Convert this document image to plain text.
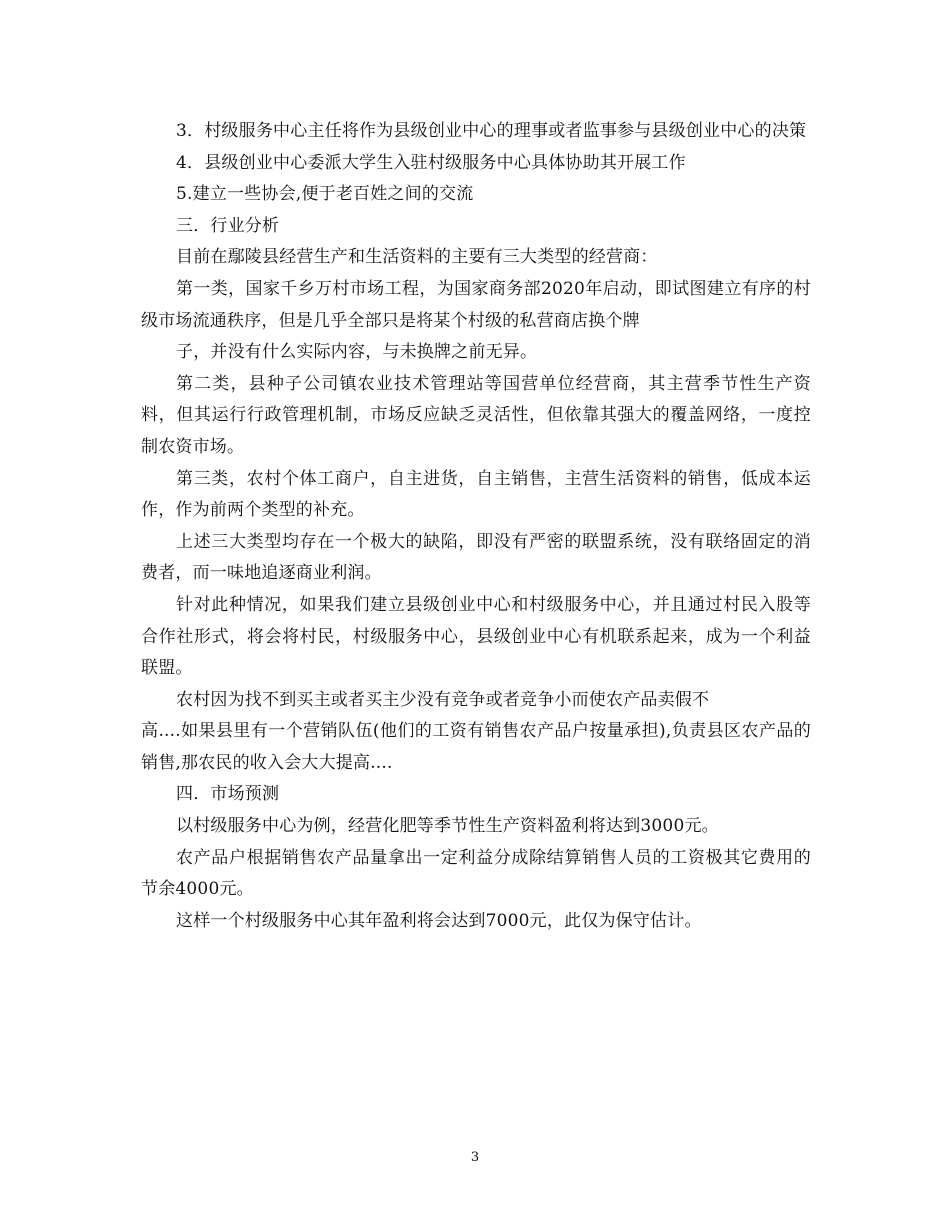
3．村级服务中心主任将作为县级创业中心的理事或者监事参与县级创业中心的决策

4．县级创业中心委派大学生入驻村级服务中心具体协助其开展工作

5.建立一些协会,便于老百姓之间的交流

三．行业分析

目前在鄢陵县经营生产和生活资料的主要有三大类型的经营商：

第一类，国家千乡万村市场工程，为国家商务部2020年启动，即试图建立有序的村级市场流通秩序，但是几乎全部只是将某个村级的私营商店换个牌

子，并没有什么实际内容，与未换牌之前无异。

第二类，县种子公司镇农业技术管理站等国营单位经营商，其主营季节性生产资料，但其运行行政管理机制，市场反应缺乏灵活性，但依靠其强大的覆盖网络，一度控制农资市场。

第三类，农村个体工商户，自主进货，自主销售，主营生活资料的销售，低成本运作，作为前两个类型的补充。

上述三大类型均存在一个极大的缺陷，即没有严密的联盟系统，没有联络固定的消费者，而一味地追逐商业利润。

针对此种情况，如果我们建立县级创业中心和村级服务中心，并且通过村民入股等合作社形式，将会将村民，村级服务中心，县级创业中心有机联系起来，成为一个利益联盟。

农村因为找不到买主或者买主少没有竞争或者竞争小而使农产品卖假不

高....如果县里有一个营销队伍(他们的工资有销售农产品户按量承担),负责县区农产品的销售,那农民的收入会大大提高....

四．市场预测

以村级服务中心为例，经营化肥等季节性生产资料盈利将达到3000元。

农产品户根据销售农产品量拿出一定利益分成除结算销售人员的工资极其它费用的节余4000元。

这样一个村级服务中心其年盈利将会达到7000元，此仅为保守估计。

3
